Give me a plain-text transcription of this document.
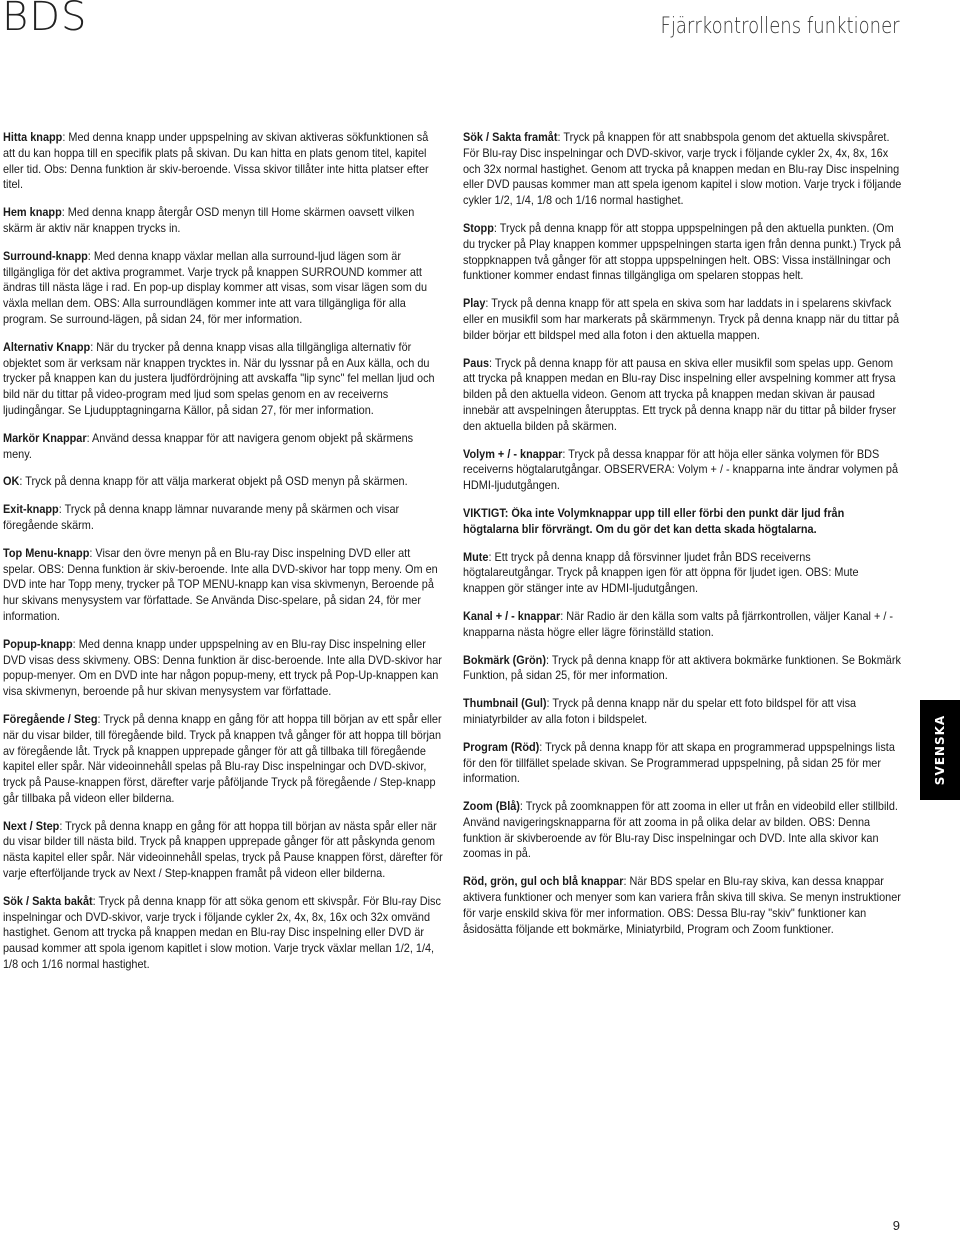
BDS	Fjärrkontrollens funktioner

Hitta knapp: Med denna knapp under uppspelning av skivan aktiveras sökfunktionen så att du kan hoppa till en specifik plats på skivan. Du kan hitta en plats genom titel, kapitel eller tid. Obs: Denna funktion är skiv-beroende. Vissa skivor tillåter inte hitta platser efter titel.

Hem knapp: Med denna knapp återgår OSD menyn till Home skärmen oavsett vilken skärm är aktiv när knappen trycks in.

Surround-knapp: Med denna knapp växlar mellan alla surround-ljud lägen som är tillgängliga för det aktiva programmet. Varje tryck på knappen SURROUND kommer att ändras till nästa läge i rad. En pop-up display kommer att visas, som visar lägen som du växla mellan dem. OBS: Alla surroundlägen kommer inte att vara tillgängliga för alla program. Se surround-lägen, på sidan 24, för mer information.

Alternativ Knapp: När du trycker på denna knapp visas alla tillgängliga alternativ för objektet som är verksam när knappen trycktes in. När du lyssnar på en Aux källa, och du trycker på knappen kan du justera ljudfördröjning att avskaffa "lip sync" fel mellan ljud och bild när du tittar på video-program med ljud som spelas genom en av receiverns ljudingångar. Se Ljudupptagningarna Källor, på sidan 27, för mer information.

Markör Knappar: Använd dessa knappar för att navigera genom objekt på skärmens meny.

OK: Tryck på denna knapp för att välja markerat objekt på OSD menyn på skärmen.

Exit-knapp: Tryck på denna knapp lämnar nuvarande meny på skärmen och visar föregående skärm.

Top Menu-knapp: Visar den övre menyn på en Blu-ray Disc inspelning DVD eller att spelar. OBS: Denna funktion är skiv-beroende. Inte alla DVD-skivor har topp meny. Om en DVD inte har Topp meny, trycker på TOP MENU-knapp kan visa skivmenyn, Beroende på hur skivans menysystem var författade. Se Använda Disc-spelare, på sidan 24, för mer information.

Popup-knapp: Med denna knapp under uppspelning av en Blu-ray Disc inspelning eller DVD visas dess skivmeny. OBS: Denna funktion är disc-beroende. Inte alla DVD-skivor har popup-menyer. Om en DVD inte har någon popup-meny, ett tryck på Pop-Up-knappen kan visa skivmenyn, beroende på hur skivan menysystem var författade.

Föregående / Steg: Tryck på denna knapp en gång för att hoppa till början av ett spår eller när du visar bilder, till föregående bild. Tryck på knappen två gånger för att hoppa till början av föregående låt. Tryck på knappen upprepade gånger för att gå tillbaka till föregående kapitel eller spår. När videoinnehåll spelas på Blu-ray Disc inspelningar och DVD-skivor, tryck på Pause-knappen först, därefter varje påföljande Tryck på föregående / Step-knapp går tillbaka på videon eller bilderna.

Next / Step: Tryck på denna knapp en gång för att hoppa till början av nästa spår eller när du visar bilder till nästa bild. Tryck på knappen upprepade gånger för att påskynda genom nästa kapitel eller spår. När videoinnehåll spelas, tryck på Pause knappen först, därefter för varje efterföljande tryck av Next / Step-knappen framåt på videon eller bilderna.

Sök / Sakta bakåt: Tryck på denna knapp för att söka genom ett skivspår. För Blu-ray Disc inspelningar och DVD-skivor, varje tryck i följande cykler 2x, 4x, 8x, 16x och 32x omvänd hastighet. Genom att trycka på knappen medan en Blu-ray Disc inspelning eller DVD är pausad kommer att spola igenom kapitlet i slow motion. Varje tryck växlar mellan 1/2, 1/4, 1/8 och 1/16 normal hastighet.

Sök / Sakta framåt: Tryck på knappen för att snabbspola genom det aktuella skivspåret. För Blu-ray Disc inspelningar och DVD-skivor, varje tryck i följande cykler 2x, 4x, 8x, 16x och 32x normal hastighet. Genom att trycka på knappen medan en Blu-ray Disc inspelning eller DVD pausas kommer man att spela igenom kapitel i slow motion. Varje tryck i följande cykler 1/2, 1/4, 1/8 och 1/16 normal hastighet.

Stopp: Tryck på denna knapp för att stoppa uppspelningen på den aktuella punkten. (Om du trycker på Play knappen kommer uppspelningen starta igen från denna punkt.) Tryck på stoppknappen två gånger för att stoppa uppspelningen helt. OBS: Vissa inställningar och funktioner kommer endast finnas tillgängliga om spelaren stoppas helt.

Play: Tryck på denna knapp för att spela en skiva som har laddats in i spelarens skivfack eller en musikfil som har markerats på skärmmenyn. Tryck på denna knapp när du tittar på bilder börjar ett bildspel med alla foton i den aktuella mappen.

Paus: Tryck på denna knapp för att pausa en skiva eller musikfil som spelas upp. Genom att trycka på knappen medan en Blu-ray Disc inspelning eller avspelning kommer att frysa bilden på den aktuella videon. Genom att trycka på knappen medan skivan är pausad innebär att avspelningen återupptas. Ett tryck på denna knapp när du tittar på bilder fryser den aktuella bilden på skärmen.

Volym + / - knappar: Tryck på dessa knappar för att höja eller sänka volymen för BDS receiverns högtalarutgångar. OBSERVERA: Volym + / - knapparna inte ändrar volymen på HDMI-ljudutgången.

VIKTIGT: Öka inte Volymknappar upp till eller förbi den punkt där ljud från högtalarna blir förvrängt. Om du gör det kan detta skada högtalarna.

Mute: Ett tryck på denna knapp då försvinner ljudet från BDS receiverns högtalareutgångar. Tryck på knappen igen för att öppna för ljudet igen. OBS: Mute knappen gör stänger inte av HDMI-ljudutgången.

Kanal + / - knappar: När Radio är den källa som valts på fjärrkontrollen, väljer Kanal + / - knapparna nästa högre eller lägre förinställd station.

Bokmärk (Grön): Tryck på denna knapp för att aktivera bokmärke funktionen. Se Bokmärk Funktion, på sidan 25, för mer information.

Thumbnail (Gul): Tryck på denna knapp när du spelar ett foto bildspel för att visa miniatyrbilder av alla foton i bildspelet.

Program (Röd): Tryck på denna knapp för att skapa en programmerad uppspelnings lista för den för tillfället spelade skivan. Se Programmerad uppspelning, på sidan 25 för mer information.

Zoom (Blå): Tryck på zoomknappen för att zooma in eller ut från en videobild eller stillbild. Använd navigeringsknapparna för att zooma in på olika delar av bilden. OBS: Denna funktion är skivberoende av för Blu-ray Disc inspelningar och DVD. Inte alla skivor kan zoomas in på.

Röd, grön, gul och blå knappar: När BDS spelar en Blu-ray skiva, kan dessa knappar aktivera funktioner och menyer som kan variera från skiva till skiva. Se menyn instruktioner för varje enskild skiva för mer information. OBS: Dessa Blu-ray "skiv" funktioner kan åsidosätta följande ett bokmärke, Miniatyrbild, Program och Zoom funktioner.

SVENSKA
9
